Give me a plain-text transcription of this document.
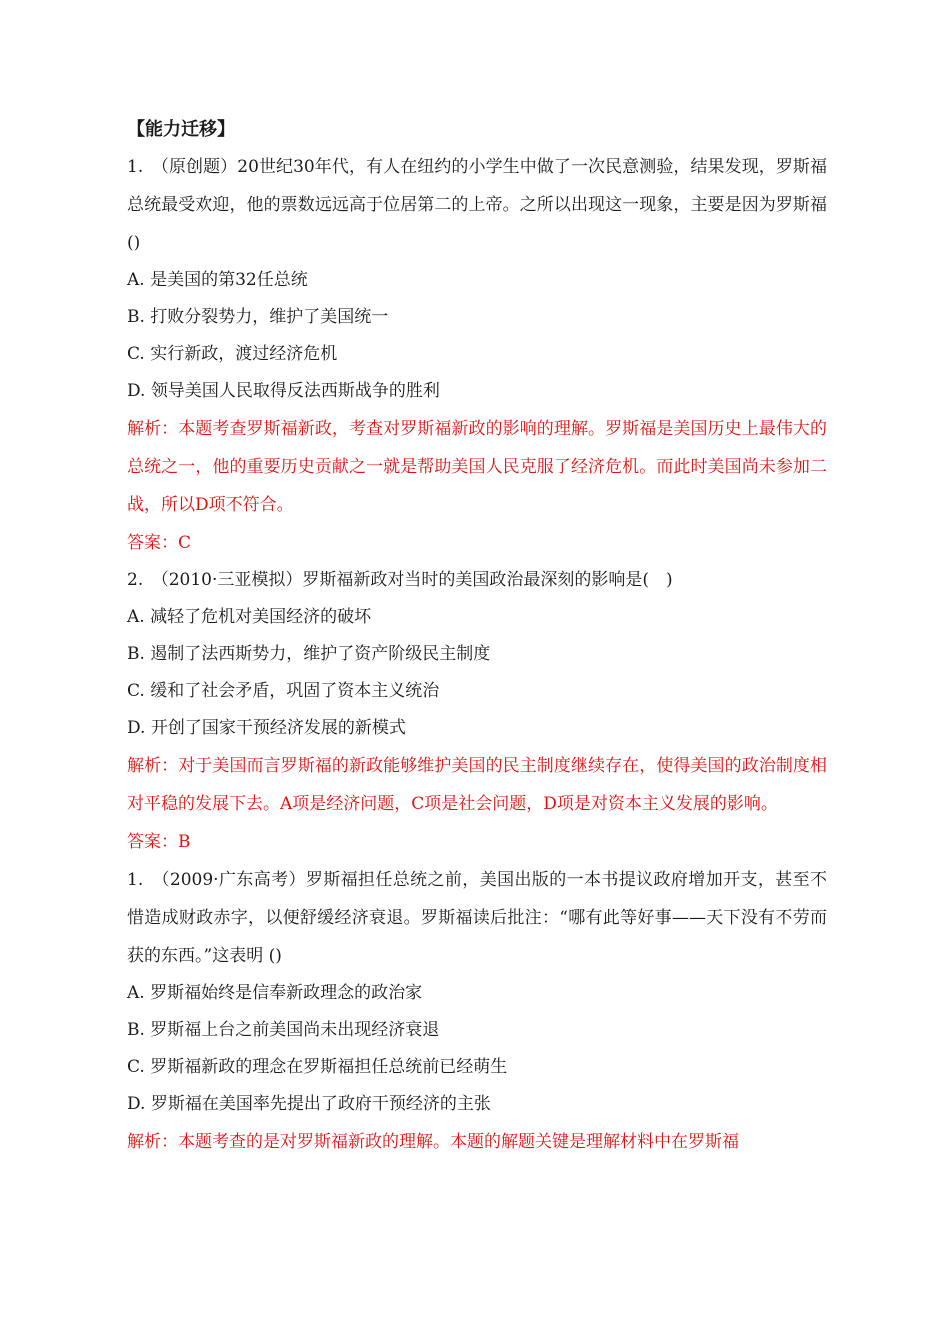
【能力迁移】
1.　（原创题）20世纪30年代，有人在纽约的小学生中做了一次民意测验，结果发现，罗斯福总统最受欢迎，他的票数远远高于位居第二的上帝。之所以出现这一现象，主要是因为罗斯福()
A. 是美国的第32任总统
B. 打败分裂势力，维护了美国统一
C. 实行新政，渡过经济危机
D. 领导美国人民取得反法西斯战争的胜利
解析：本题考查罗斯福新政，考查对罗斯福新政的影响的理解。罗斯福是美国历史上最伟大的总统之一，他的重要历史贡献之一就是帮助美国人民克服了经济危机。而此时美国尚未参加二战，所以D项不符合。
答案：C
2.　（2010·三亚模拟）罗斯福新政对当时的美国政治最深刻的影响是(　)
A. 减轻了危机对美国经济的破坏
B. 遏制了法西斯势力，维护了资产阶级民主制度
C. 缓和了社会矛盾，巩固了资本主义统治
D. 开创了国家干预经济发展的新模式
解析：对于美国而言罗斯福的新政能够维护美国的民主制度继续存在，使得美国的政治制度相对平稳的发展下去。A项是经济问题，C项是社会问题，D项是对资本主义发展的影响。
答案：B
1.　（2009·广东高考）罗斯福担任总统之前，美国出版的一本书提议政府增加开支，甚至不惜造成财政赤字，以便舒缓经济衰退。罗斯福读后批注：“哪有此等好事——天下没有不劳而获的东西。”这表明 ()
A. 罗斯福始终是信奉新政理念的政治家
B. 罗斯福上台之前美国尚未出现经济衰退
C. 罗斯福新政的理念在罗斯福担任总统前已经萌生
D. 罗斯福在美国率先提出了政府干预经济的主张
解析：本题考查的是对罗斯福新政的理解。本题的解题关键是理解材料中在罗斯福
